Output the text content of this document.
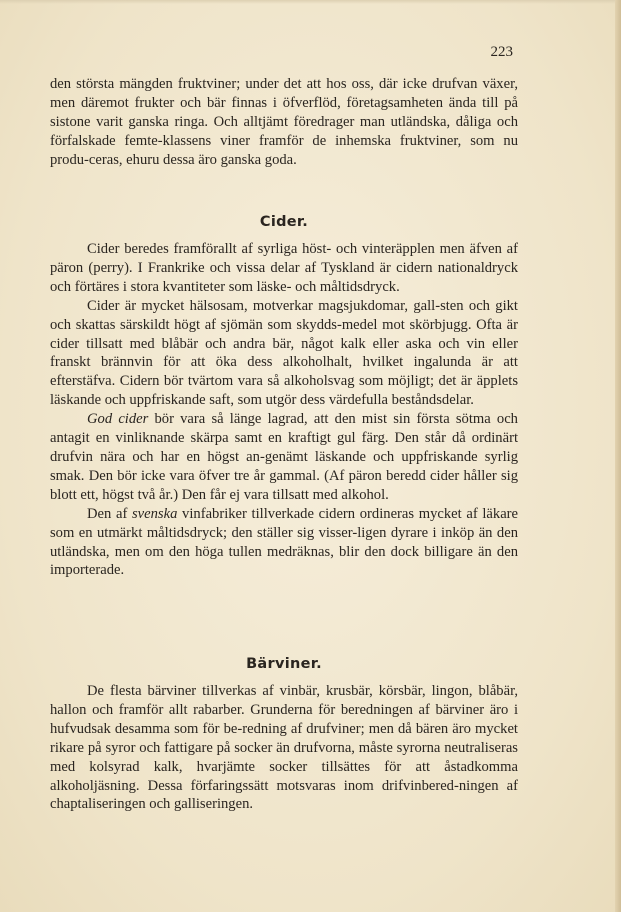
223

den största mängden fruktviner; under det att hos oss, där icke drufvan växer, men däremot frukter och bär finnas i öfverflöd, företagsamheten ända till på sistone varit ganska ringa. Och alltjämt föredrager man utländska, dåliga och förfalskade femte-klassens viner framför de inhemska fruktviner, som nu produ-ceras, ehuru dessa äro ganska goda.

Cider.

Cider beredes framförallt af syrliga höst- och vinteräpplen men äfven af päron (perry). I Frankrike och vissa delar af Tyskland är cidern nationaldryck och förtäres i stora kvantiteter som läske- och måltidsdryck.

Cider är mycket hälsosam, motverkar magsjukdomar, gall-sten och gikt och skattas särskildt högt af sjömän som skydds-medel mot skörbjugg. Ofta är cider tillsatt med blåbär och andra bär, något kalk eller aska och vin eller franskt brännvin för att öka dess alkoholhalt, hvilket ingalunda är att efterstäfva. Cidern bör tvärtom vara så alkoholsvag som möjligt; det är äpplets läskande och uppfriskande saft, som utgör dess värdefulla beståndsdelar.

God cider bör vara så länge lagrad, att den mist sin första sötma och antagit en vinliknande skärpa samt en kraftigt gul färg. Den står då ordinärt drufvin nära och har en högst an-genämt läskande och uppfriskande syrlig smak. Den bör icke vara öfver tre år gammal. (Af päron beredd cider håller sig blott ett, högst två år.) Den får ej vara tillsatt med alkohol.

Den af svenska vinfabriker tillverkade cidern ordineras mycket af läkare som en utmärkt måltidsdryck; den ställer sig visser-ligen dyrare i inköp än den utländska, men om den höga tullen medräknas, blir den dock billigare än den importerade.

Bärviner.

De flesta bärviner tillverkas af vinbär, krusbär, körsbär, lingon, blåbär, hallon och framför allt rabarber. Grunderna för beredningen af bärviner äro i hufvudsak desamma som för be-redning af drufviner; men då bären äro mycket rikare på syror och fattigare på socker än drufvorna, måste syrorna neutraliseras med kolsyrad kalk, hvarjämte socker tillsättes för att åstadkomma alkoholjäsning. Dessa förfaringssätt motsvaras inom drifvinbered-ningen af chaptaliseringen och galliseringen.
